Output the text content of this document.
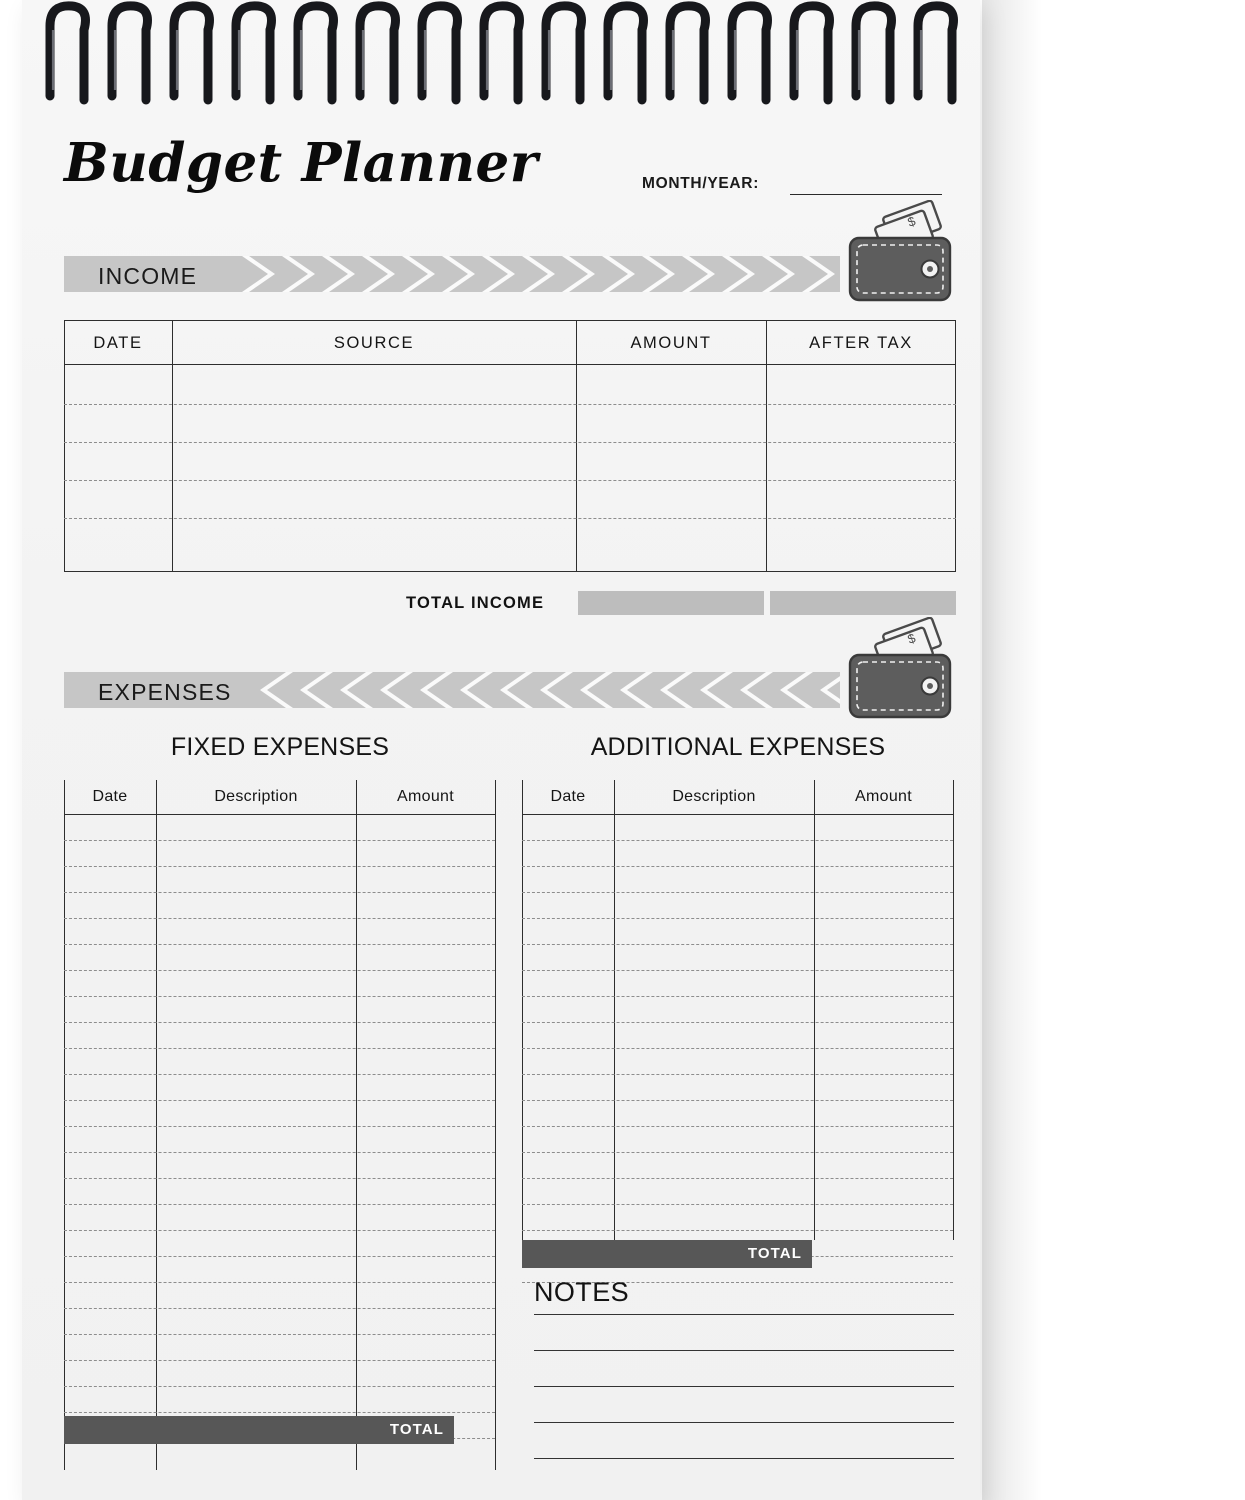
Budget Planner	MONTH/YEAR:
INCOME
$
DATE	SOURCE	AMOUNT	AFTER TAX
TOTAL INCOME
EXPENSES
$
FIXED EXPENSES	ADDITIONAL EXPENSES
Date	Description	Amount
TOTAL
Date	Description	Amount
TOTAL
NOTES
